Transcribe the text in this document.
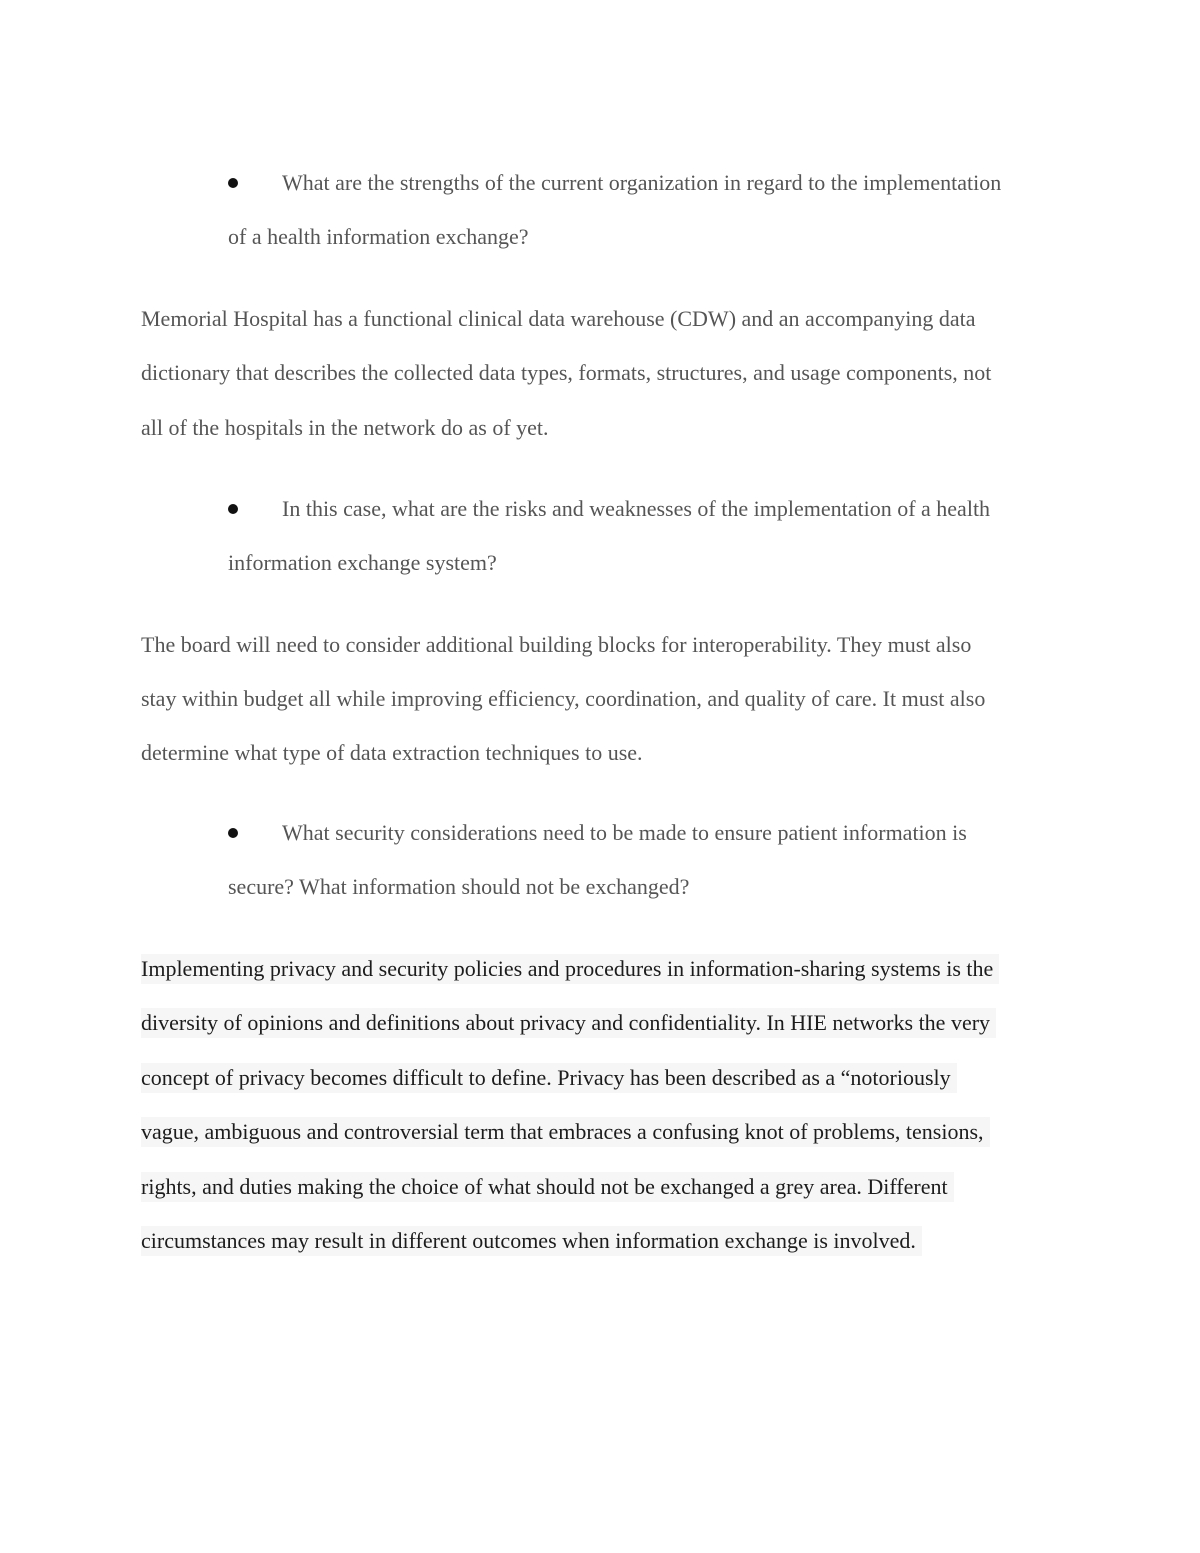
What are the strengths of the current organization in regard to the implementation
of a health information exchange?
Memorial Hospital has a functional clinical data warehouse (CDW) and an accompanying data
dictionary that describes the collected data types, formats, structures, and usage components, not
all of the hospitals in the network do as of yet.
In this case, what are the risks and weaknesses of the implementation of a health
information exchange system?
The board will need to consider additional building blocks for interoperability. They must also
stay within budget all while improving efficiency, coordination, and quality of care. It must also
determine what type of data extraction techniques to use.
What security considerations need to be made to ensure patient information is
secure? What information should not be exchanged?
Implementing privacy and security policies and procedures in information-sharing systems is the
diversity of opinions and definitions about privacy and confidentiality. In HIE networks the very
concept of privacy becomes difficult to define. Privacy has been described as a “notoriously
vague, ambiguous and controversial term that embraces a confusing knot of problems, tensions,
rights, and duties making the choice of what should not be exchanged a grey area. Different
circumstances may result in different outcomes when information exchange is involved.
